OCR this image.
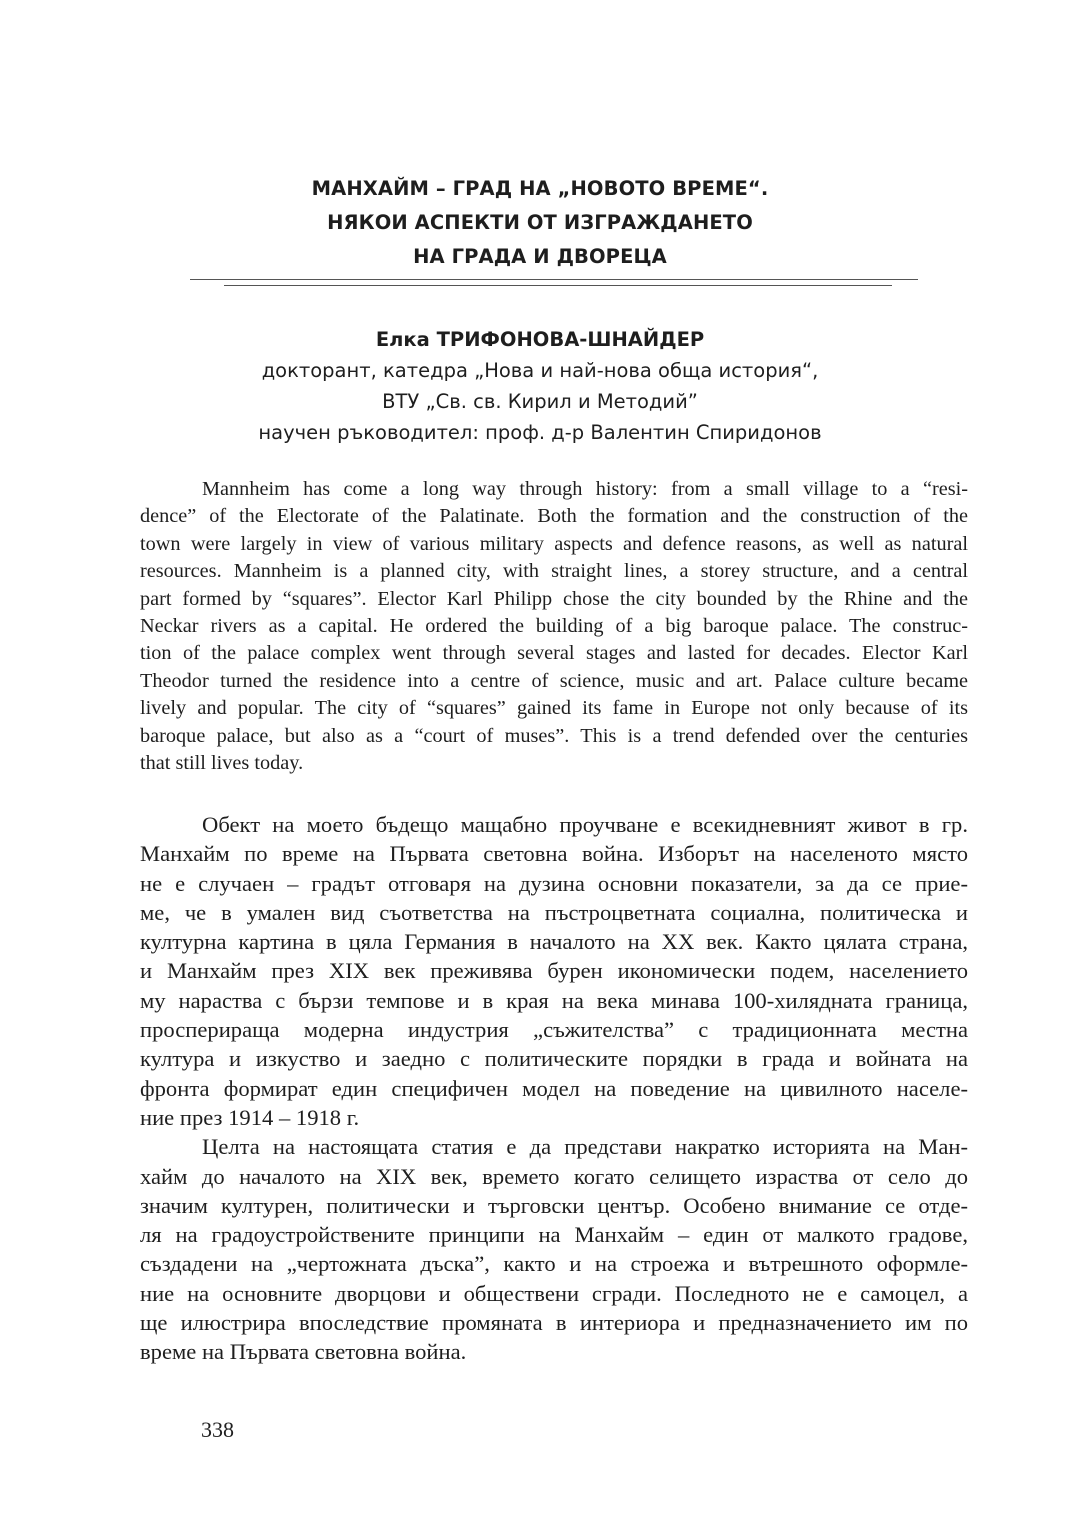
МАНХАЙМ – ГРАД НА „НОВОТО ВРЕМЕ“.
НЯКОИ АСПЕКТИ ОТ ИЗГРАЖДАНЕТО
НА ГРАДА И ДВОРЕЦА
Елка ТРИФОНОВА-ШНАЙДЕР
докторант, катедра „Нова и най-нова обща история“,
ВТУ „Св. св. Кирил и Методий”
научен ръководител: проф. д-р Валентин Спиридонов
Mannheim has come a long way through history: from a small village to a “resi-
dence” of the Electorate of the Palatinate. Both the formation and the construction of the
town were largely in view of various military aspects and defence reasons, as well as natural
resources. Mannheim is a planned city, with straight lines, a storey structure, and a central
part formed by “squares”. Elector Karl Philipp chose the city bounded by the Rhine and the
Neckar rivers as a capital. He ordered the building of a big baroque palace. The construc-
tion of the palace complex went through several stages and lasted for decades. Elector Karl
Theodor turned the residence into a centre of science, music and art. Palace culture became
lively and popular. The city of “squares” gained its fame in Europe not only because of its
baroque palace, but also as a “court of muses”. This is a trend defended over the centuries
that still lives today.
Обект на моето бъдещо мащабно проучване е всекидневният живот в гр.
Манхайм по време на Първата световна война. Изборът на населеното място
не е случаен – градът отговаря на дузина основни показатели, за да се прие-
ме, че в умален вид съответства на пъстроцветната социална, политическа и
културна картина в цяла Германия в началото на ХХ век. Както цялата страна,
и Манхайм през ХІХ век преживява бурен икономически подем, населението
му нараства с бързи темпове и в края на века минава 100-хилядната граница,
просперираща модерна индустрия „съжителства” с традиционната местна
култура и изкуство и заедно с политическите порядки в града и войната на
фронта формират един специфичен модел на поведение на цивилното населе-
ние през 1914 – 1918 г.
Целта на настоящата статия е да представи накратко историята на Ман-
хайм до началото на ХІХ век, времето когато селището израства от село до
значим културен, политически и търговски център. Особено внимание се отде-
ля на градоустройствените принципи на Манхайм – един от малкото градове,
създадени на „чертожната дъска”, както и на строежа и вътрешното оформле-
ние на основните дворцови и обществени сгради. Последното не е самоцел, а
ще илюстрира впоследствие промяната в интериора и предназначението им по
време на Първата световна война.
338
